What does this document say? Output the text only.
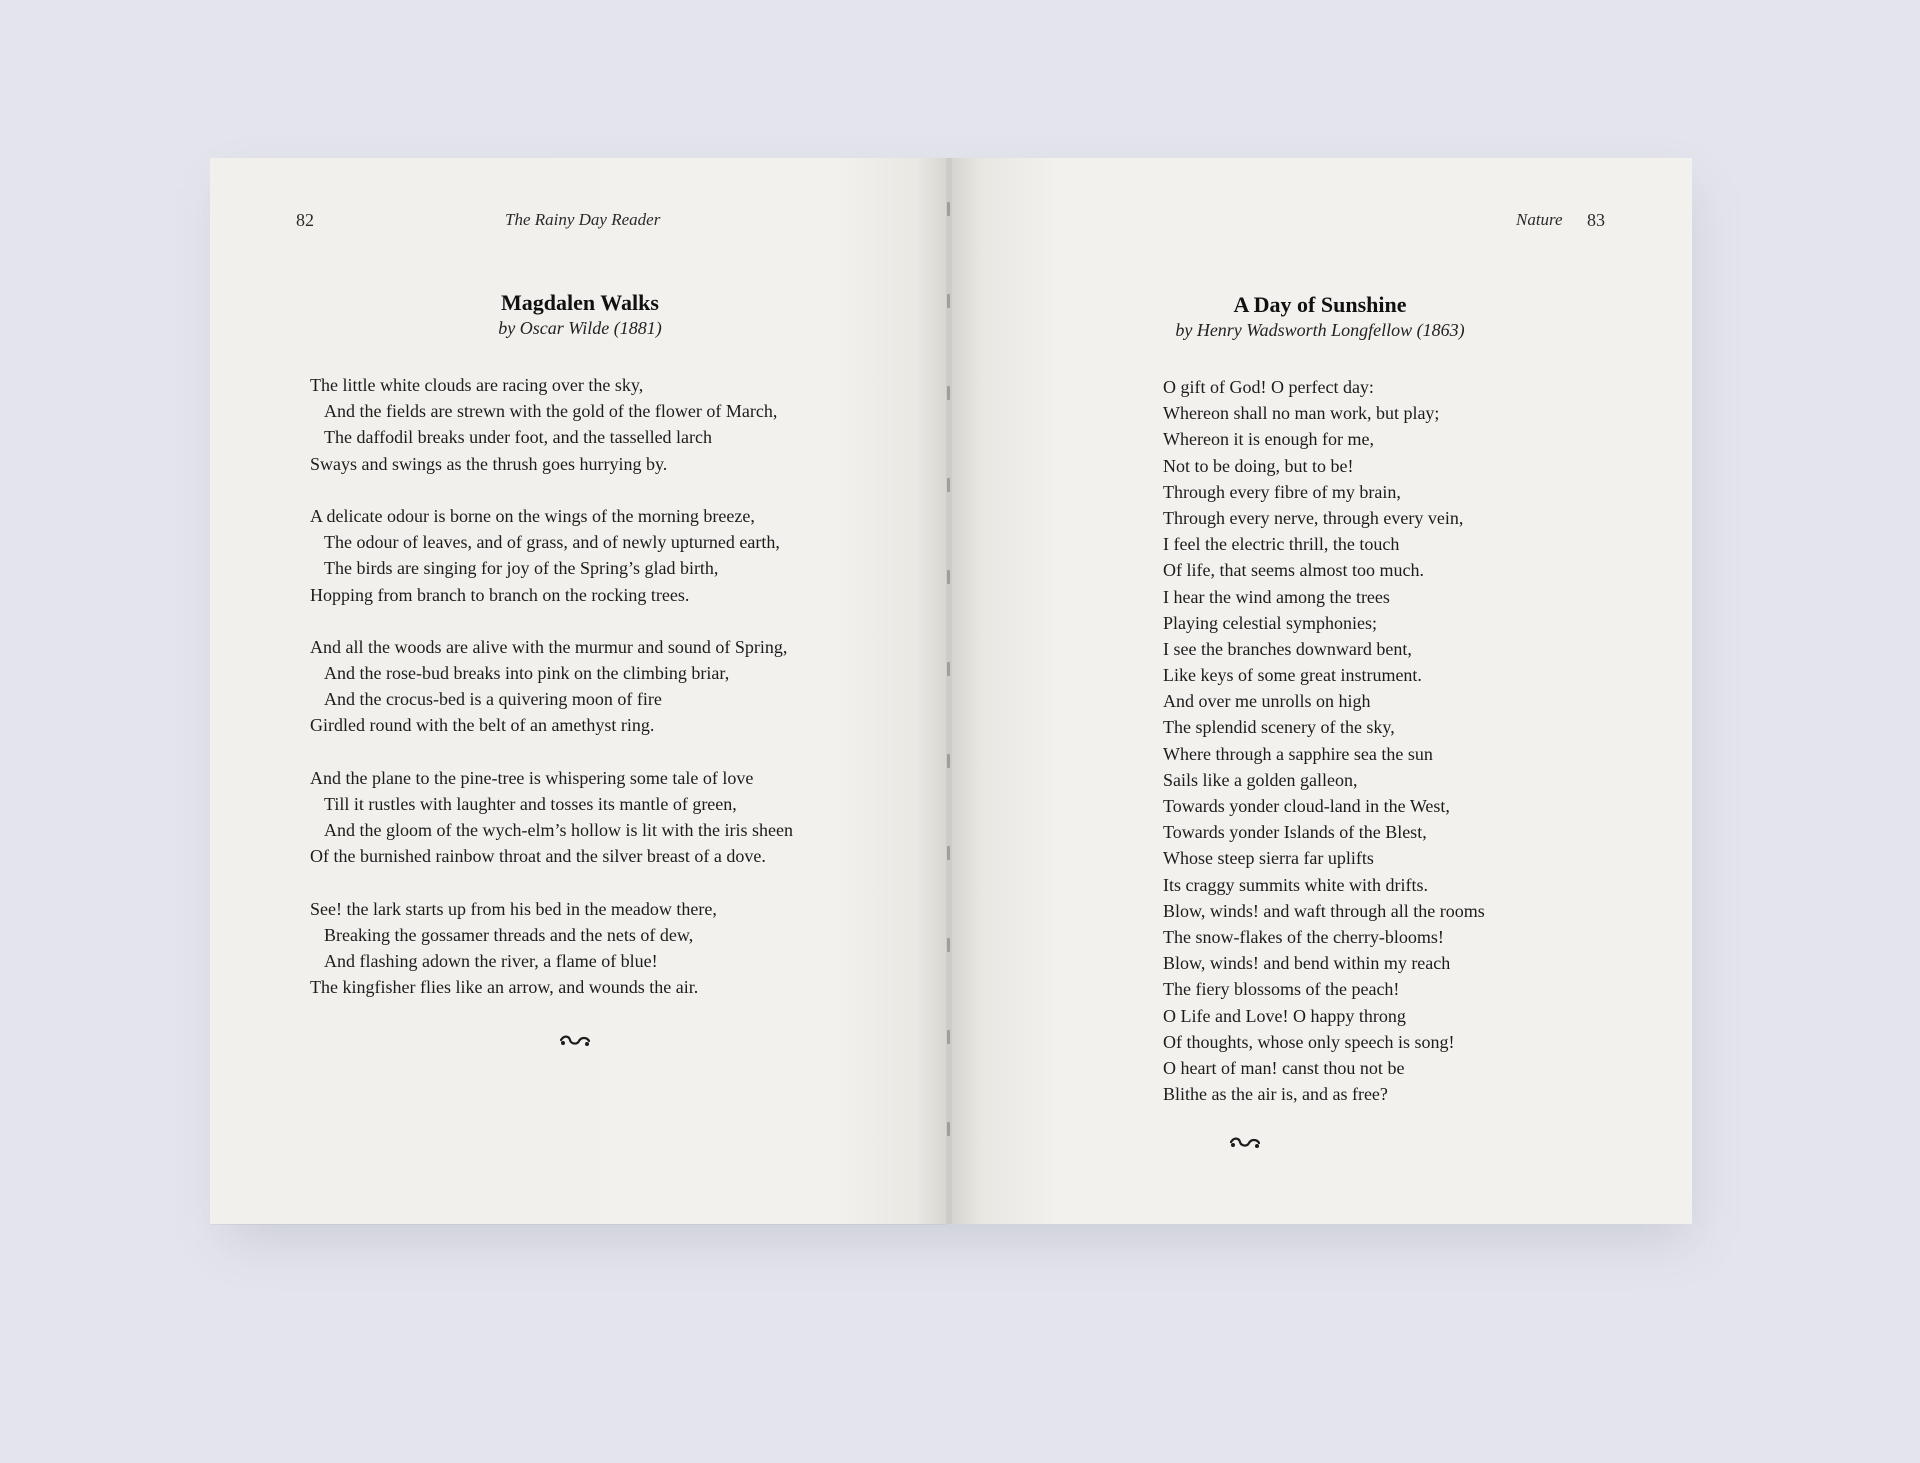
82	The Rainy Day Reader
Magdalen Walks
by Oscar Wilde (1881)
The little white clouds are racing over the sky,
And the fields are strewn with the gold of the flower of March,
The daffodil breaks under foot, and the tasselled larch
Sways and swings as the thrush goes hurrying by.
A delicate odour is borne on the wings of the morning breeze,
The odour of leaves, and of grass, and of newly upturned earth,
The birds are singing for joy of the Spring’s glad birth,
Hopping from branch to branch on the rocking trees.
And all the woods are alive with the murmur and sound of Spring,
And the rose-bud breaks into pink on the climbing briar,
And the crocus-bed is a quivering moon of fire
Girdled round with the belt of an amethyst ring.
And the plane to the pine-tree is whispering some tale of love
Till it rustles with laughter and tosses its mantle of green,
And the gloom of the wych-elm’s hollow is lit with the iris sheen
Of the burnished rainbow throat and the silver breast of a dove.
See! the lark starts up from his bed in the meadow there,
Breaking the gossamer threads and the nets of dew,
And flashing adown the river, a flame of blue!
The kingfisher flies like an arrow, and wounds the air.
Nature 83
A Day of Sunshine
by Henry Wadsworth Longfellow (1863)
O gift of God! O perfect day:
Whereon shall no man work, but play;
Whereon it is enough for me,
Not to be doing, but to be!
Through every fibre of my brain,
Through every nerve, through every vein,
I feel the electric thrill, the touch
Of life, that seems almost too much.
I hear the wind among the trees
Playing celestial symphonies;
I see the branches downward bent,
Like keys of some great instrument.
And over me unrolls on high
The splendid scenery of the sky,
Where through a sapphire sea the sun
Sails like a golden galleon,
Towards yonder cloud-land in the West,
Towards yonder Islands of the Blest,
Whose steep sierra far uplifts
Its craggy summits white with drifts.
Blow, winds! and waft through all the rooms
The snow-flakes of the cherry-blooms!
Blow, winds! and bend within my reach
The fiery blossoms of the peach!
O Life and Love! O happy throng
Of thoughts, whose only speech is song!
O heart of man! canst thou not be
Blithe as the air is, and as free?
